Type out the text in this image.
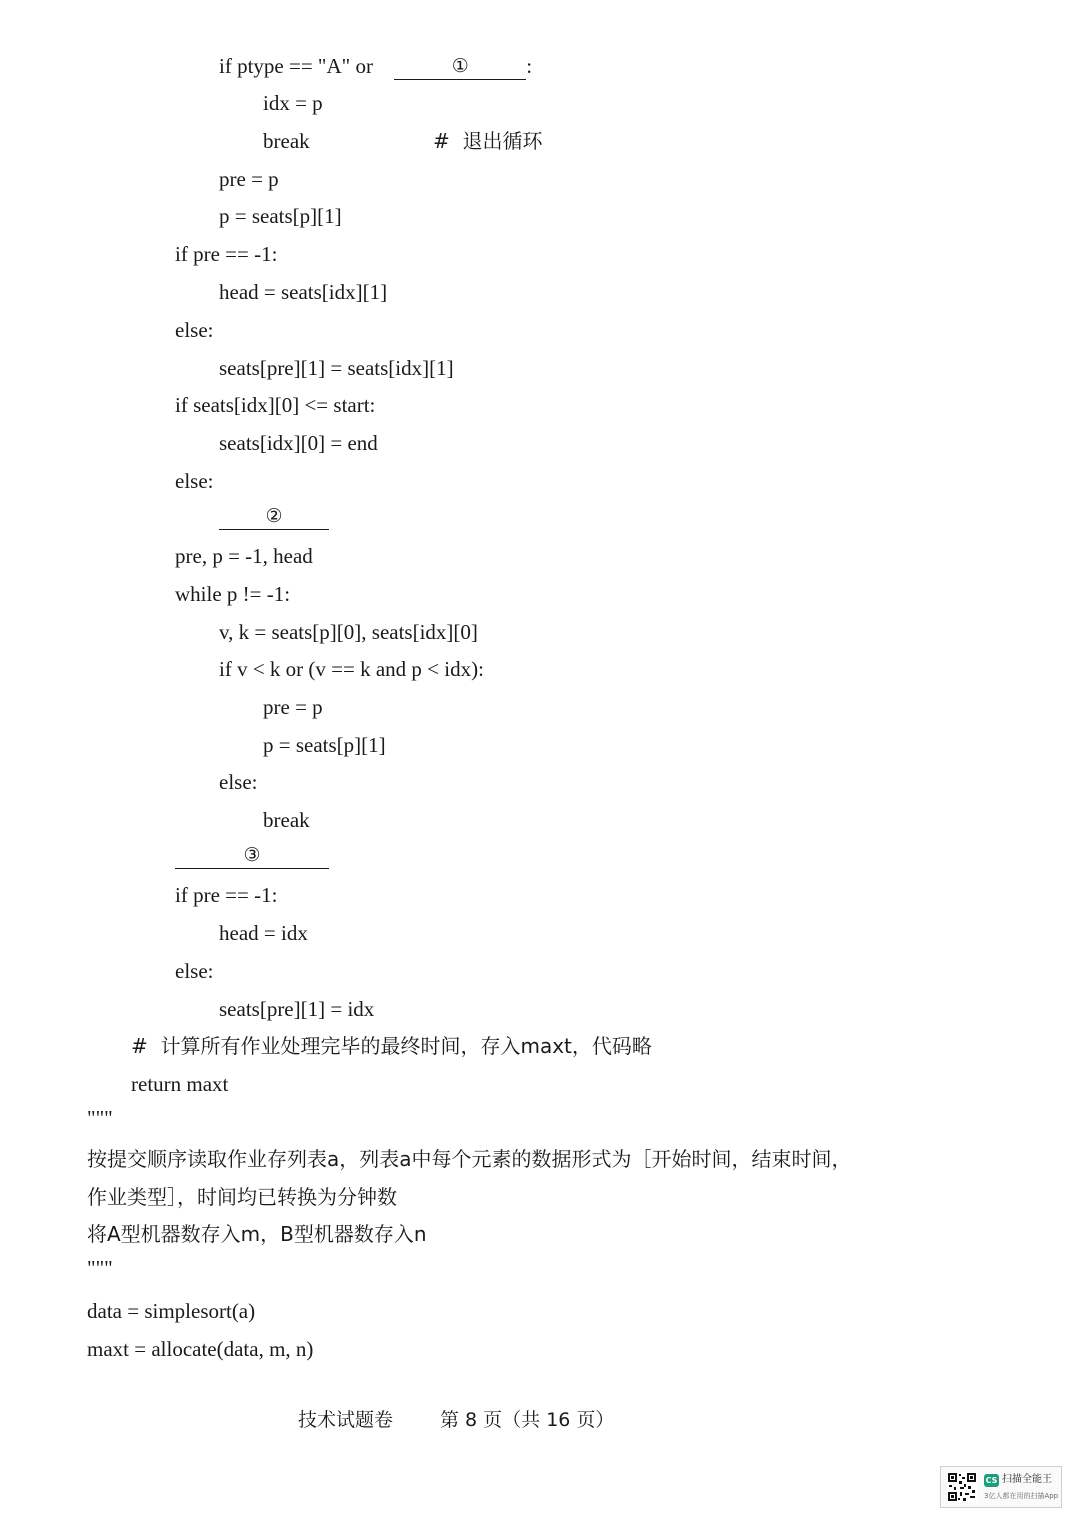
if ptype == "A" or	①	:
idx = p
break	#  退出循环
pre = p
p = seats[p][1]
if pre == -1:
head = seats[idx][1]
else:
seats[pre][1] = seats[idx][1]
if seats[idx][0] <= start:
seats[idx][0] = end
else:
②
pre, p = -1, head
while p != -1:
v, k = seats[p][0], seats[idx][0]
if v < k or (v == k and p < idx):
pre = p
p = seats[p][1]
else:
break
③
if pre == -1:
head = idx
else:
seats[pre][1] = idx
#  计算所有作业处理完毕的最终时间，存入maxt，代码略
return maxt
"""
按提交顺序读取作业存列表a，列表a中每个元素的数据形式为［开始时间，结束时间，
作业类型］，时间均已转换为分钟数
将A型机器数存入m，B型机器数存入n
"""
data = simplesort(a)
maxt = allocate(data, m, n)
技术试题卷 第 8 页（共 16 页）
CS 扫描全能王
3亿人都在用的扫描App
